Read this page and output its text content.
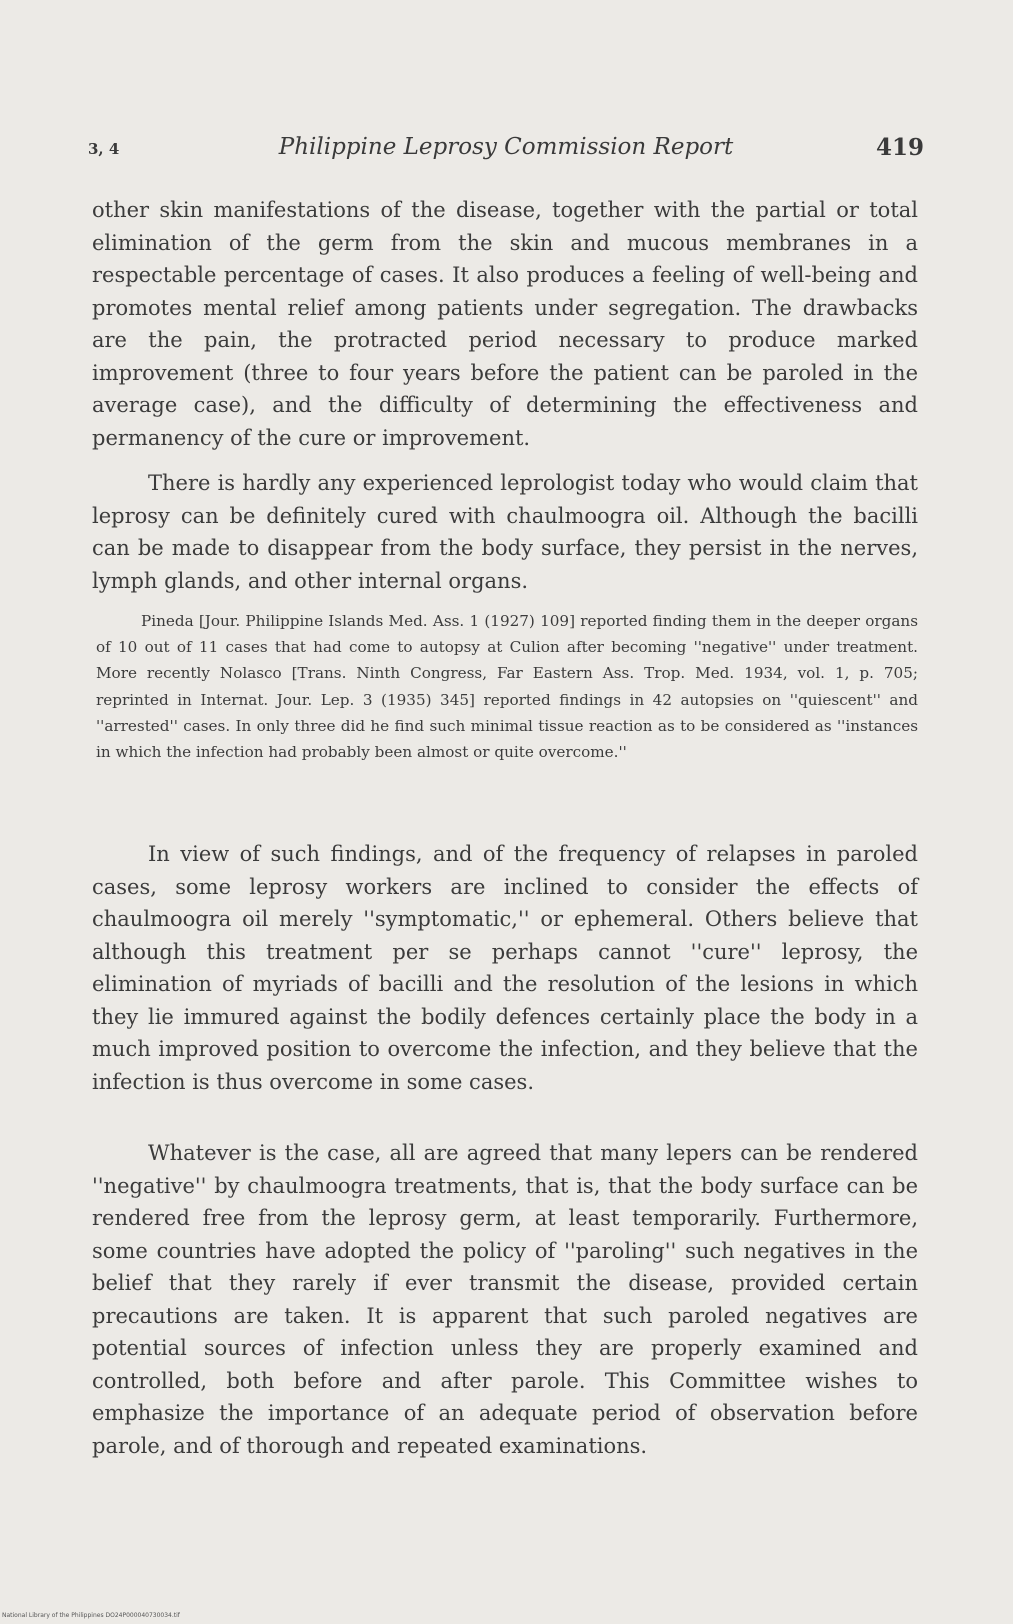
3, 4	Philippine Leprosy Commission Report	419

other skin manifestations of the disease, together with the partial or total elimination of the germ from the skin and mucous membranes in a respectable percentage of cases. It also produces a feeling of well-being and promotes mental relief among patients under segregation. The drawbacks are the pain, the protracted period necessary to produce marked improvement (three to four years before the patient can be paroled in the average case), and the difficulty of determining the effectiveness and permanency of the cure or improvement.

There is hardly any experienced leprologist today who would claim that leprosy can be definitely cured with chaulmoogra oil. Although the bacilli can be made to disappear from the body surface, they persist in the nerves, lymph glands, and other internal organs.

Pineda [Jour. Philippine Islands Med. Ass. 1 (1927) 109] reported finding them in the deeper organs of 10 out of 11 cases that had come to autopsy at Culion after becoming ''negative'' under treatment. More recently Nolasco [Trans. Ninth Congress, Far Eastern Ass. Trop. Med. 1934, vol. 1, p. 705; reprinted in Internat. Jour. Lep. 3 (1935) 345] reported findings in 42 autopsies on ''quiescent'' and ''arrested'' cases. In only three did he find such minimal tissue reaction as to be considered as ''instances in which the infection had probably been almost or quite overcome.''

In view of such findings, and of the frequency of relapses in paroled cases, some leprosy workers are inclined to consider the effects of chaulmoogra oil merely ''symptomatic,'' or ephemeral. Others believe that although this treatment per se perhaps cannot ''cure'' leprosy, the elimination of myriads of bacilli and the resolution of the lesions in which they lie immured against the bodily defences certainly place the body in a much improved position to overcome the infection, and they believe that the infection is thus overcome in some cases.

Whatever is the case, all are agreed that many lepers can be rendered ''negative'' by chaulmoogra treatments, that is, that the body surface can be rendered free from the leprosy germ, at least temporarily. Furthermore, some countries have adopted the policy of ''paroling'' such negatives in the belief that they rarely if ever transmit the disease, provided certain precautions are taken. It is apparent that such paroled negatives are potential sources of infection unless they are properly examined and controlled, both before and after parole. This Committee wishes to emphasize the importance of an adequate period of observation before parole, and of thorough and repeated examinations.

National Library of the Philippines DO24P000040730034.tif
